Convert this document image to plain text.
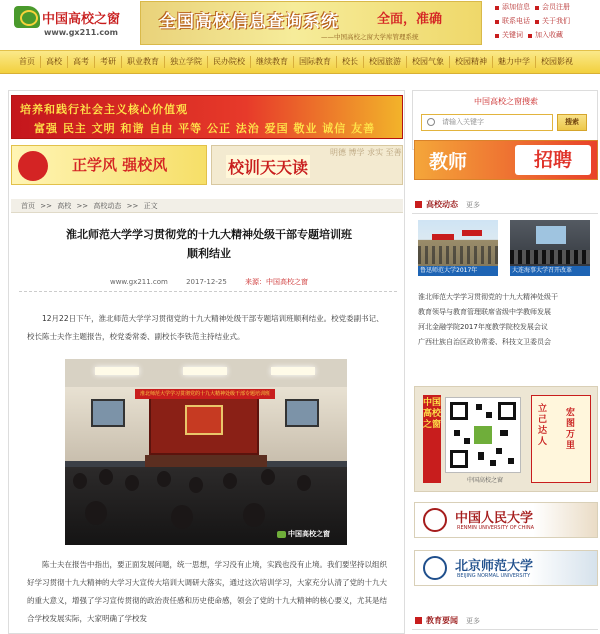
中国高校之窗
www.gx211.com
全国高校信息查询系统	全面，准确
——中国高校之窗大学库管理系统
添加信息 会员注册
联系电话 关于我们
关键词 加入收藏
首页	高校	高考	考研	职业教育	独立学院	民办院校	继续教育	国际教育	校长	校园旅游	校园气象	校园精神	魅力中学	校园影视
培养和践行社会主义核心价值观
富强 民主 文明 和谐 自由 平等 公正 法治 爱国 敬业 诚信 友善
正学风 强校风
明德 博学 求实 至善
校训天天读
首页 >> 高校 >> 高校动态 >> 正文
淮北师范大学学习贯彻党的十九大精神处级干部专题培训班
顺利结业
www.gx211.com	2017-12-25	来源：中国高校之窗
12月22日下午，淮北师范大学学习贯彻党的十九大精神处级干部专题培训班顺利结业。校党委副书记、校长陈士夫作主题报告，校党委常委、副校长李铁范主持结业式。
淮北师范大学学习贯彻党的十九大精神处级干部专题培训班
中国高校之窗
陈士夫在报告中指出，要正面发展问题，统一思想，学习没有止境，实践也没有止境。我们要坚持以组织好学习贯彻十九大精神的大学习大宣传大培训大调研大落实，通过这次培训学习，大家充分认清了党的十九大的重大意义，增强了学习宣传贯彻的政治责任感和历史使命感，领会了党的十九大精神的核心要义，尤其是结合学校发展实际，大家明确了学校发
中国高校之窗搜索
请输入关键字	搜索
教师	招聘
高校动态 更多
鲁迅师范大学2017年	大连海事大学召开改革
淮北师范大学学习贯彻党的十九大精神处级干
教育领导与教育管理联席省级中学教师发展
河北金融学院2017年度教学院校发展会议
广西壮族自治区政协常委、科技文卫委员会
中国高校之窗
中国高校之窗
立己达人
宏图万里
中国人民大学
RENMIN UNIVERSITY OF CHINA
北京师范大学
BEIJING NORMAL UNIVERSITY
教育要闻 更多
